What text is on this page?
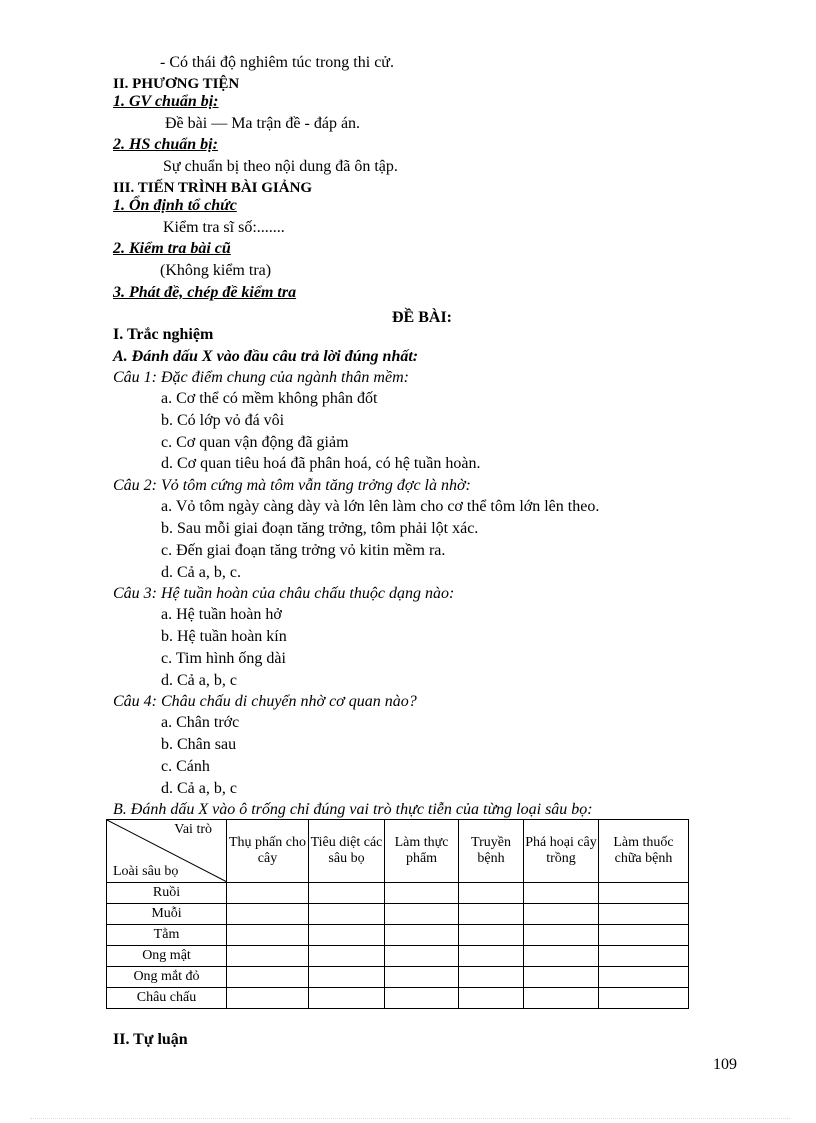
- Có thái độ nghiêm túc trong thi cử.
II. PHƯƠNG TIỆN
1. GV chuẩn bị:
Đề bài — Ma trận đề - đáp án.
2. HS chuẩn bị:
Sự chuẩn bị theo nội dung đã ôn tập.
III. TIẾN TRÌNH BÀI GIẢNG
1. Ổn định tổ chức
Kiểm tra sĩ số:.......
2. Kiểm tra bài cũ
(Không kiểm tra)
3. Phát đề, chép đề kiểm tra
ĐỀ BÀI:
I. Trắc nghiệm
A. Đánh dấu X vào đầu câu trả lời đúng nhất:
Câu 1: Đặc điểm chung của ngành thân mềm:
a. Cơ thể có mềm không phân đốt
b. Có lớp vỏ đá vôi
c. Cơ quan vận động đã giảm
d. Cơ quan tiêu hoá đã phân hoá, có hệ tuần hoàn.
Câu 2: Vỏ tôm cứng mà tôm vẫn tăng trởng đợc là nhờ:
a. Vỏ tôm ngày càng dày và lớn lên làm cho cơ thể tôm lớn lên theo.
b. Sau mỗi giai đoạn tăng trởng, tôm phải lột xác.
c. Đến giai đoạn tăng trởng vỏ kitin mềm ra.
d. Cả a, b, c.
Câu 3: Hệ tuần hoàn của châu chấu thuộc dạng nào:
a. Hệ tuần hoàn hở
b. Hệ tuần hoàn kín
c. Tim hình ống dài
d. Cả a, b, c
Câu 4: Châu chấu di chuyển nhờ cơ quan nào?
a. Chân trớc
b. Chân sau
c. Cánh
d. Cả a, b, c
B. Đánh dấu X vào ô trống chỉ đúng vai trò thực tiễn của từng loại sâu bọ:
Vai trò
Loài sâu bọ	Thụ phấn cho cây	Tiêu diệt các sâu bọ	Làm thực phẩm	Truyền bệnh	Phá hoại cây trồng	Làm thuốc chữa bệnh
Ruồi						
Muỗi						
Tằm						
Ong mật						
Ong mắt đỏ						
Châu chấu						
II. Tự luận
109
